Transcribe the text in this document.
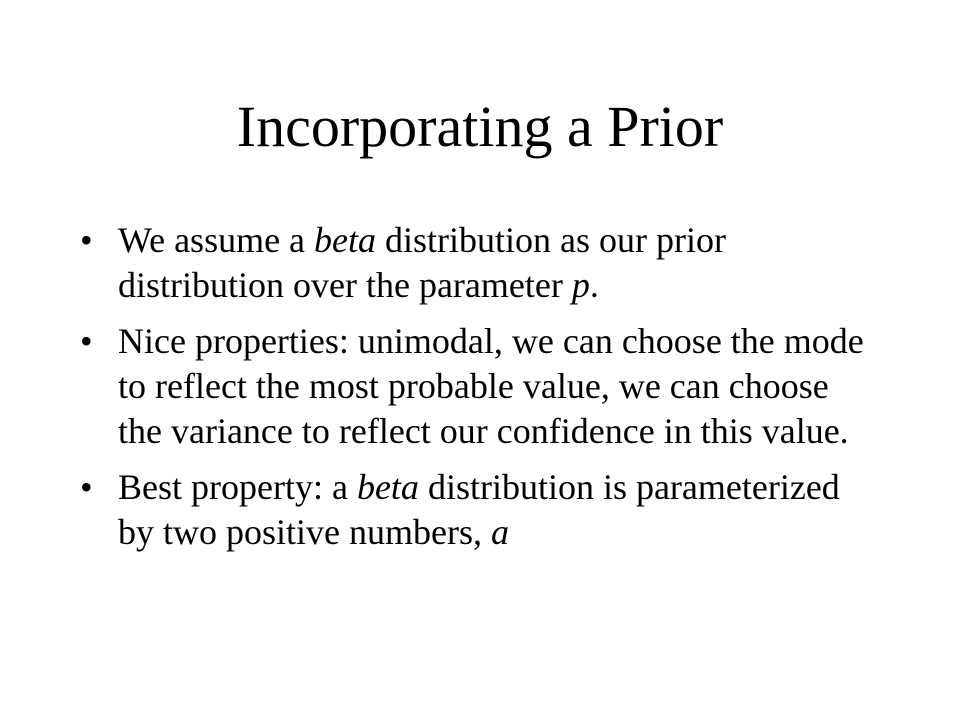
Incorporating a Prior
• We assume a beta distribution as our prior distribution over the parameter p.
• Nice properties: unimodal, we can choose the mode to reflect the most probable value, we can choose the variance to reflect our confidence in this value.
• Best property: a beta distribution is parameterized by two positive numbers, a
